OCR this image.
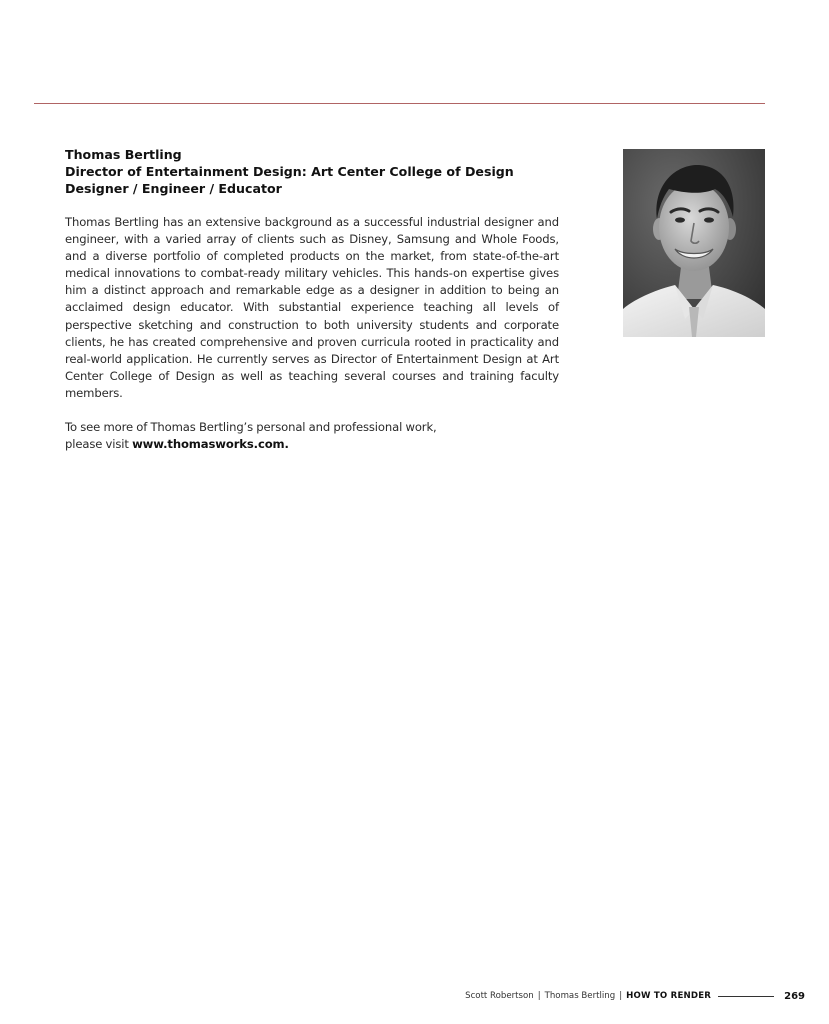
Thomas Bertling

Director of Entertainment Design: Art Center College of Design

Designer / Engineer / Educator

Thomas Bertling has an extensive background as a successful industrial designer and engineer, with a varied array of clients such as Disney, Samsung and Whole Foods, and a diverse portfolio of completed products on the market, from state-of-the-art medical innovations to combat-ready military vehicles. This hands-on expertise gives him a distinct approach and remarkable edge as a designer in addition to being an acclaimed design educator. With substantial experience teaching all levels of perspective sketching and construction to both university students and corporate clients, he has created comprehensive and proven curricula rooted in practicality and real-world application. He currently serves as Director of Entertainment Design at Art Center College of Design as well as teaching several courses and training faculty members.

To see more of Thomas Bertling’s personal and professional work,
please visit www.thomasworks.com.

Scott Robertson | Thomas Bertling | HOW TO RENDER	269
